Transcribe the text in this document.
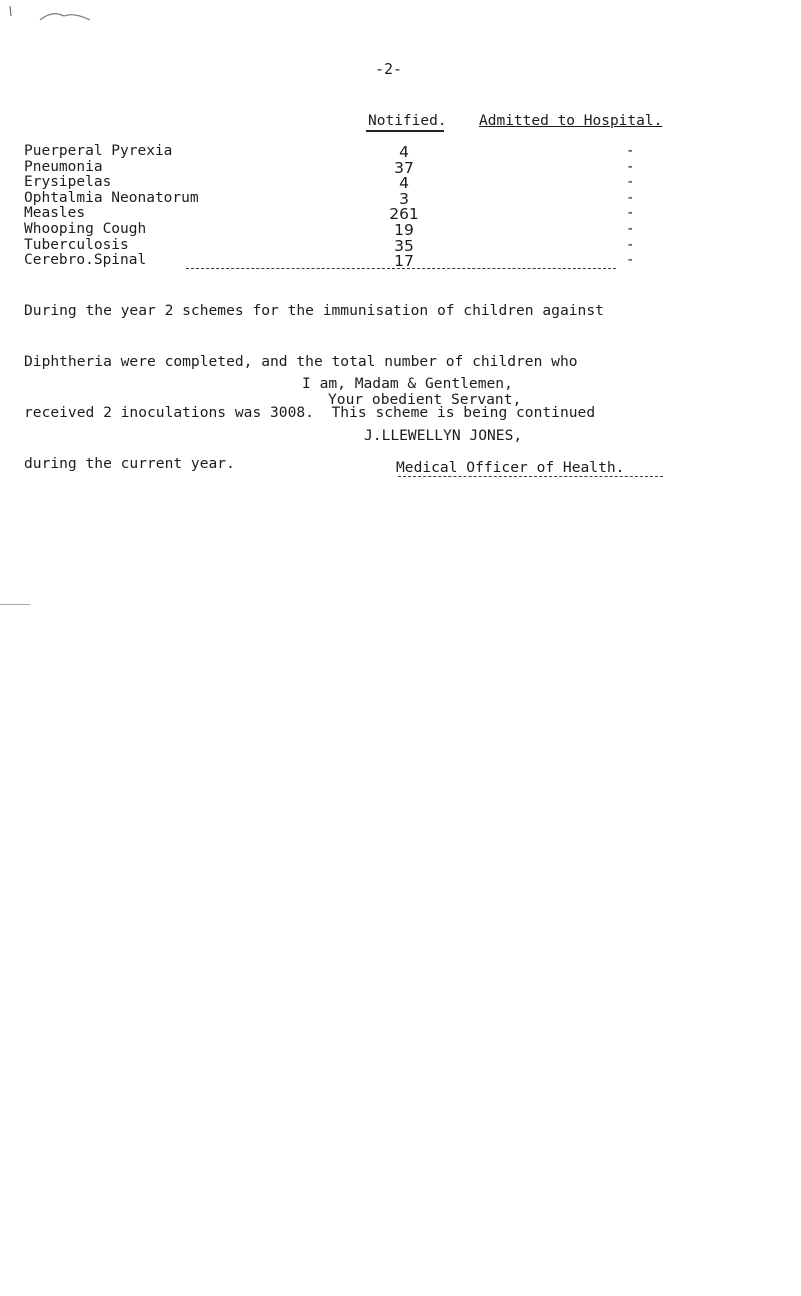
-2-
Notified. Admitted to Hospital.
Puerperal Pyrexia	4	-
Pneumonia	37	-
Erysipelas	4	-
Ophtalmia Neonatorum	3	-
Measles	261	-
Whooping Cough	19	-
Tuberculosis	35	-
Cerebro.Spinal	17	-

During the year 2 schemes for the immunisation of children against

Diphtheria were completed, and the total number of children who

received 2 inoculations was 3008.  This scheme is being continued

during the current year.

I am, Madam & Gentlemen,
Your obedient Servant,
J.LLEWELLYN JONES,
Medical Officer of Health.
